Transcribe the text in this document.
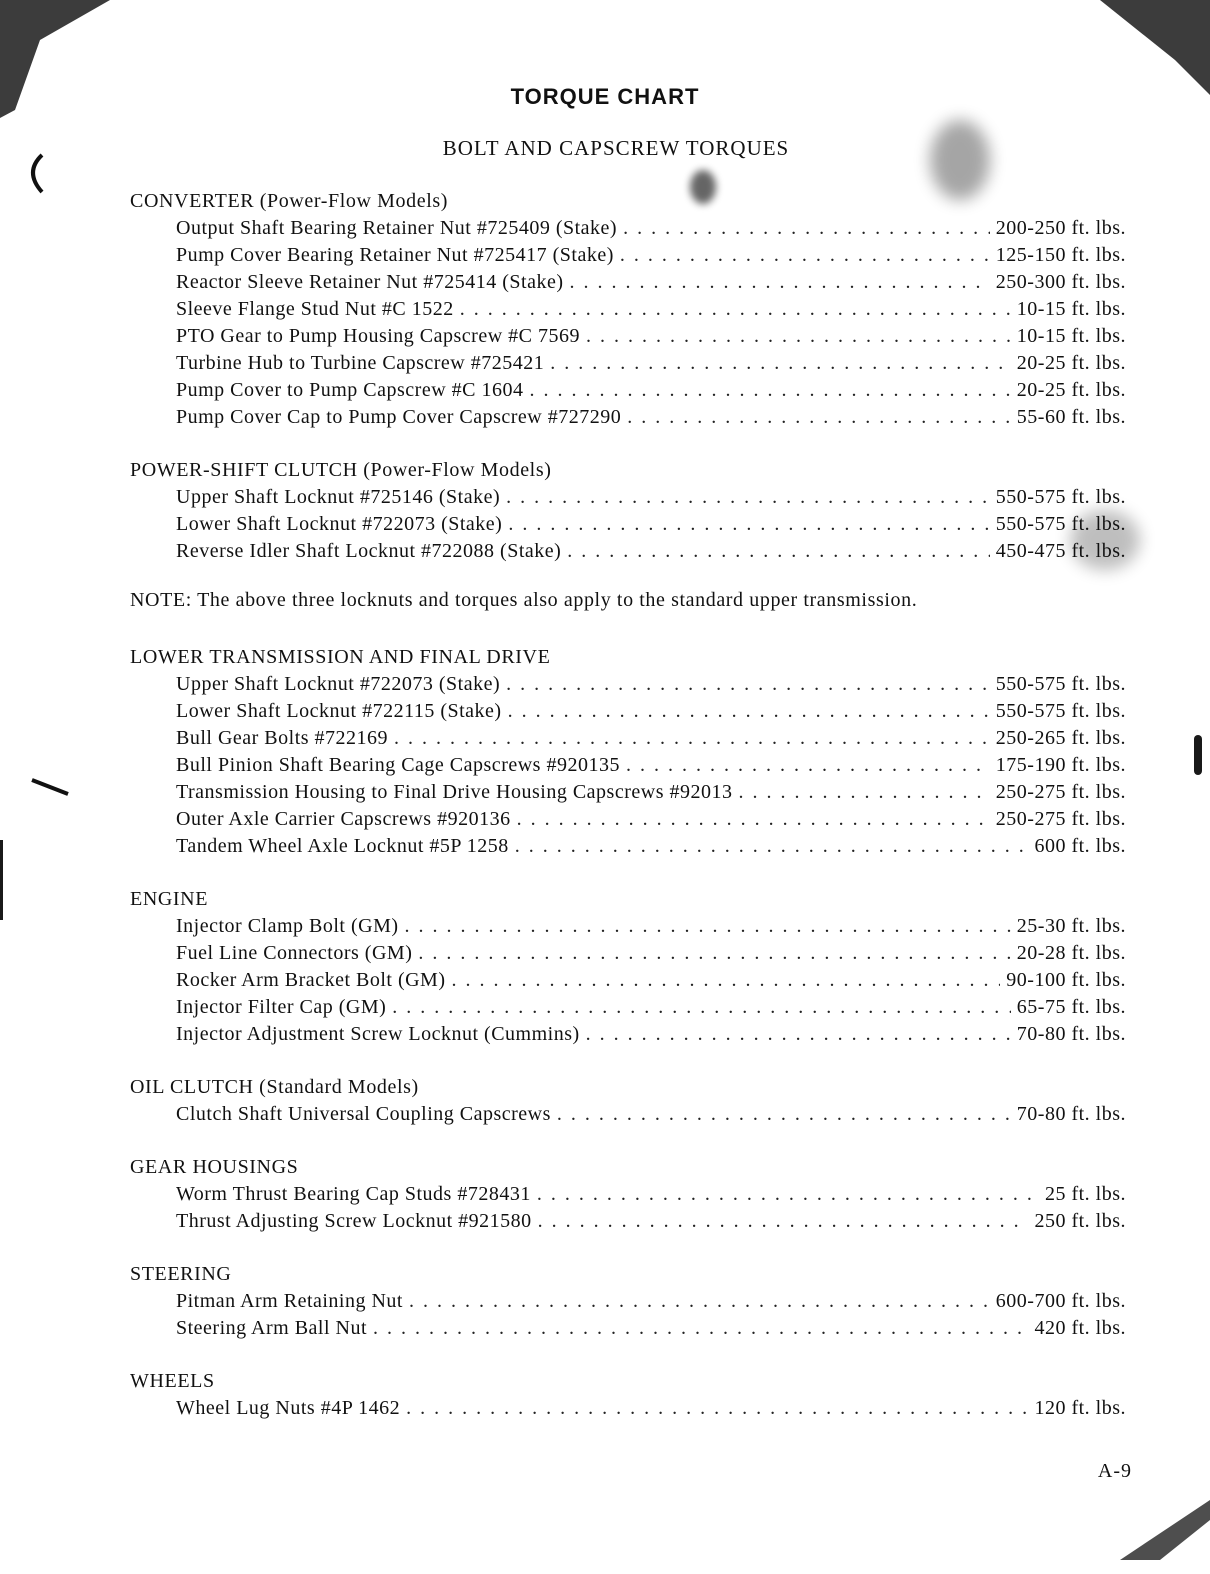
TORQUE CHART
BOLT AND CAPSCREW TORQUES
CONVERTER (Power-Flow Models)
Output Shaft Bearing Retainer Nut #725409 (Stake) . . .	200-250 ft. lbs.
Pump Cover Bearing Retainer Nut #725417 (Stake) . . .	125-150 ft. lbs.
Reactor Sleeve Retainer Nut #725414 (Stake) . . .	250-300 ft. lbs.
Sleeve Flange Stud Nut #C 1522 . . .	10-15 ft. lbs.
PTO Gear to Pump Housing Capscrew #C 7569 . . .	10-15 ft. lbs.
Turbine Hub to Turbine Capscrew #725421 . . .	20-25 ft. lbs.
Pump Cover to Pump Capscrew #C 1604 . . .	20-25 ft. lbs.
Pump Cover Cap to Pump Cover Capscrew #727290 . . .	55-60 ft. lbs.
POWER-SHIFT CLUTCH (Power-Flow Models)
Upper Shaft Locknut #725146 (Stake) . . .	550-575 ft. lbs.
Lower Shaft Locknut #722073 (Stake) . . .	550-575 ft. lbs.
Reverse Idler Shaft Locknut #722088 (Stake) . . .	450-475 ft. lbs.
NOTE: The above three locknuts and torques also apply to the standard upper transmission.
LOWER TRANSMISSION AND FINAL DRIVE
Upper Shaft Locknut #722073 (Stake) . . .	550-575 ft. lbs.
Lower Shaft Locknut #722115 (Stake) . . .	550-575 ft. lbs.
Bull Gear Bolts #722169 . . .	250-265 ft. lbs.
Bull Pinion Shaft Bearing Cage Capscrews #920135 . . .	175-190 ft. lbs.
Transmission Housing to Final Drive Housing Capscrews #92013 . . .	250-275 ft. lbs.
Outer Axle Carrier Capscrews #920136 . . .	250-275 ft. lbs.
Tandem Wheel Axle Locknut #5P 1258 . . .	600 ft. lbs.
ENGINE
Injector Clamp Bolt (GM) . . .	25-30 ft. lbs.
Fuel Line Connectors (GM) . . .	20-28 ft. lbs.
Rocker Arm Bracket Bolt (GM) . . .	90-100 ft. lbs.
Injector Filter Cap (GM) . . .	65-75 ft. lbs.
Injector Adjustment Screw Locknut (Cummins) . . .	70-80 ft. lbs.
OIL CLUTCH (Standard Models)
Clutch Shaft Universal Coupling Capscrews . . .	70-80 ft. lbs.
GEAR HOUSINGS
Worm Thrust Bearing Cap Studs #728431 . . .	25 ft. lbs.
Thrust Adjusting Screw Locknut #921580 . . .	250 ft. lbs.
STEERING
Pitman Arm Retaining Nut . . .	600-700 ft. lbs.
Steering Arm Ball Nut . . .	420 ft. lbs.
WHEELS
Wheel Lug Nuts #4P 1462 . . .	120 ft. lbs.
A-9
